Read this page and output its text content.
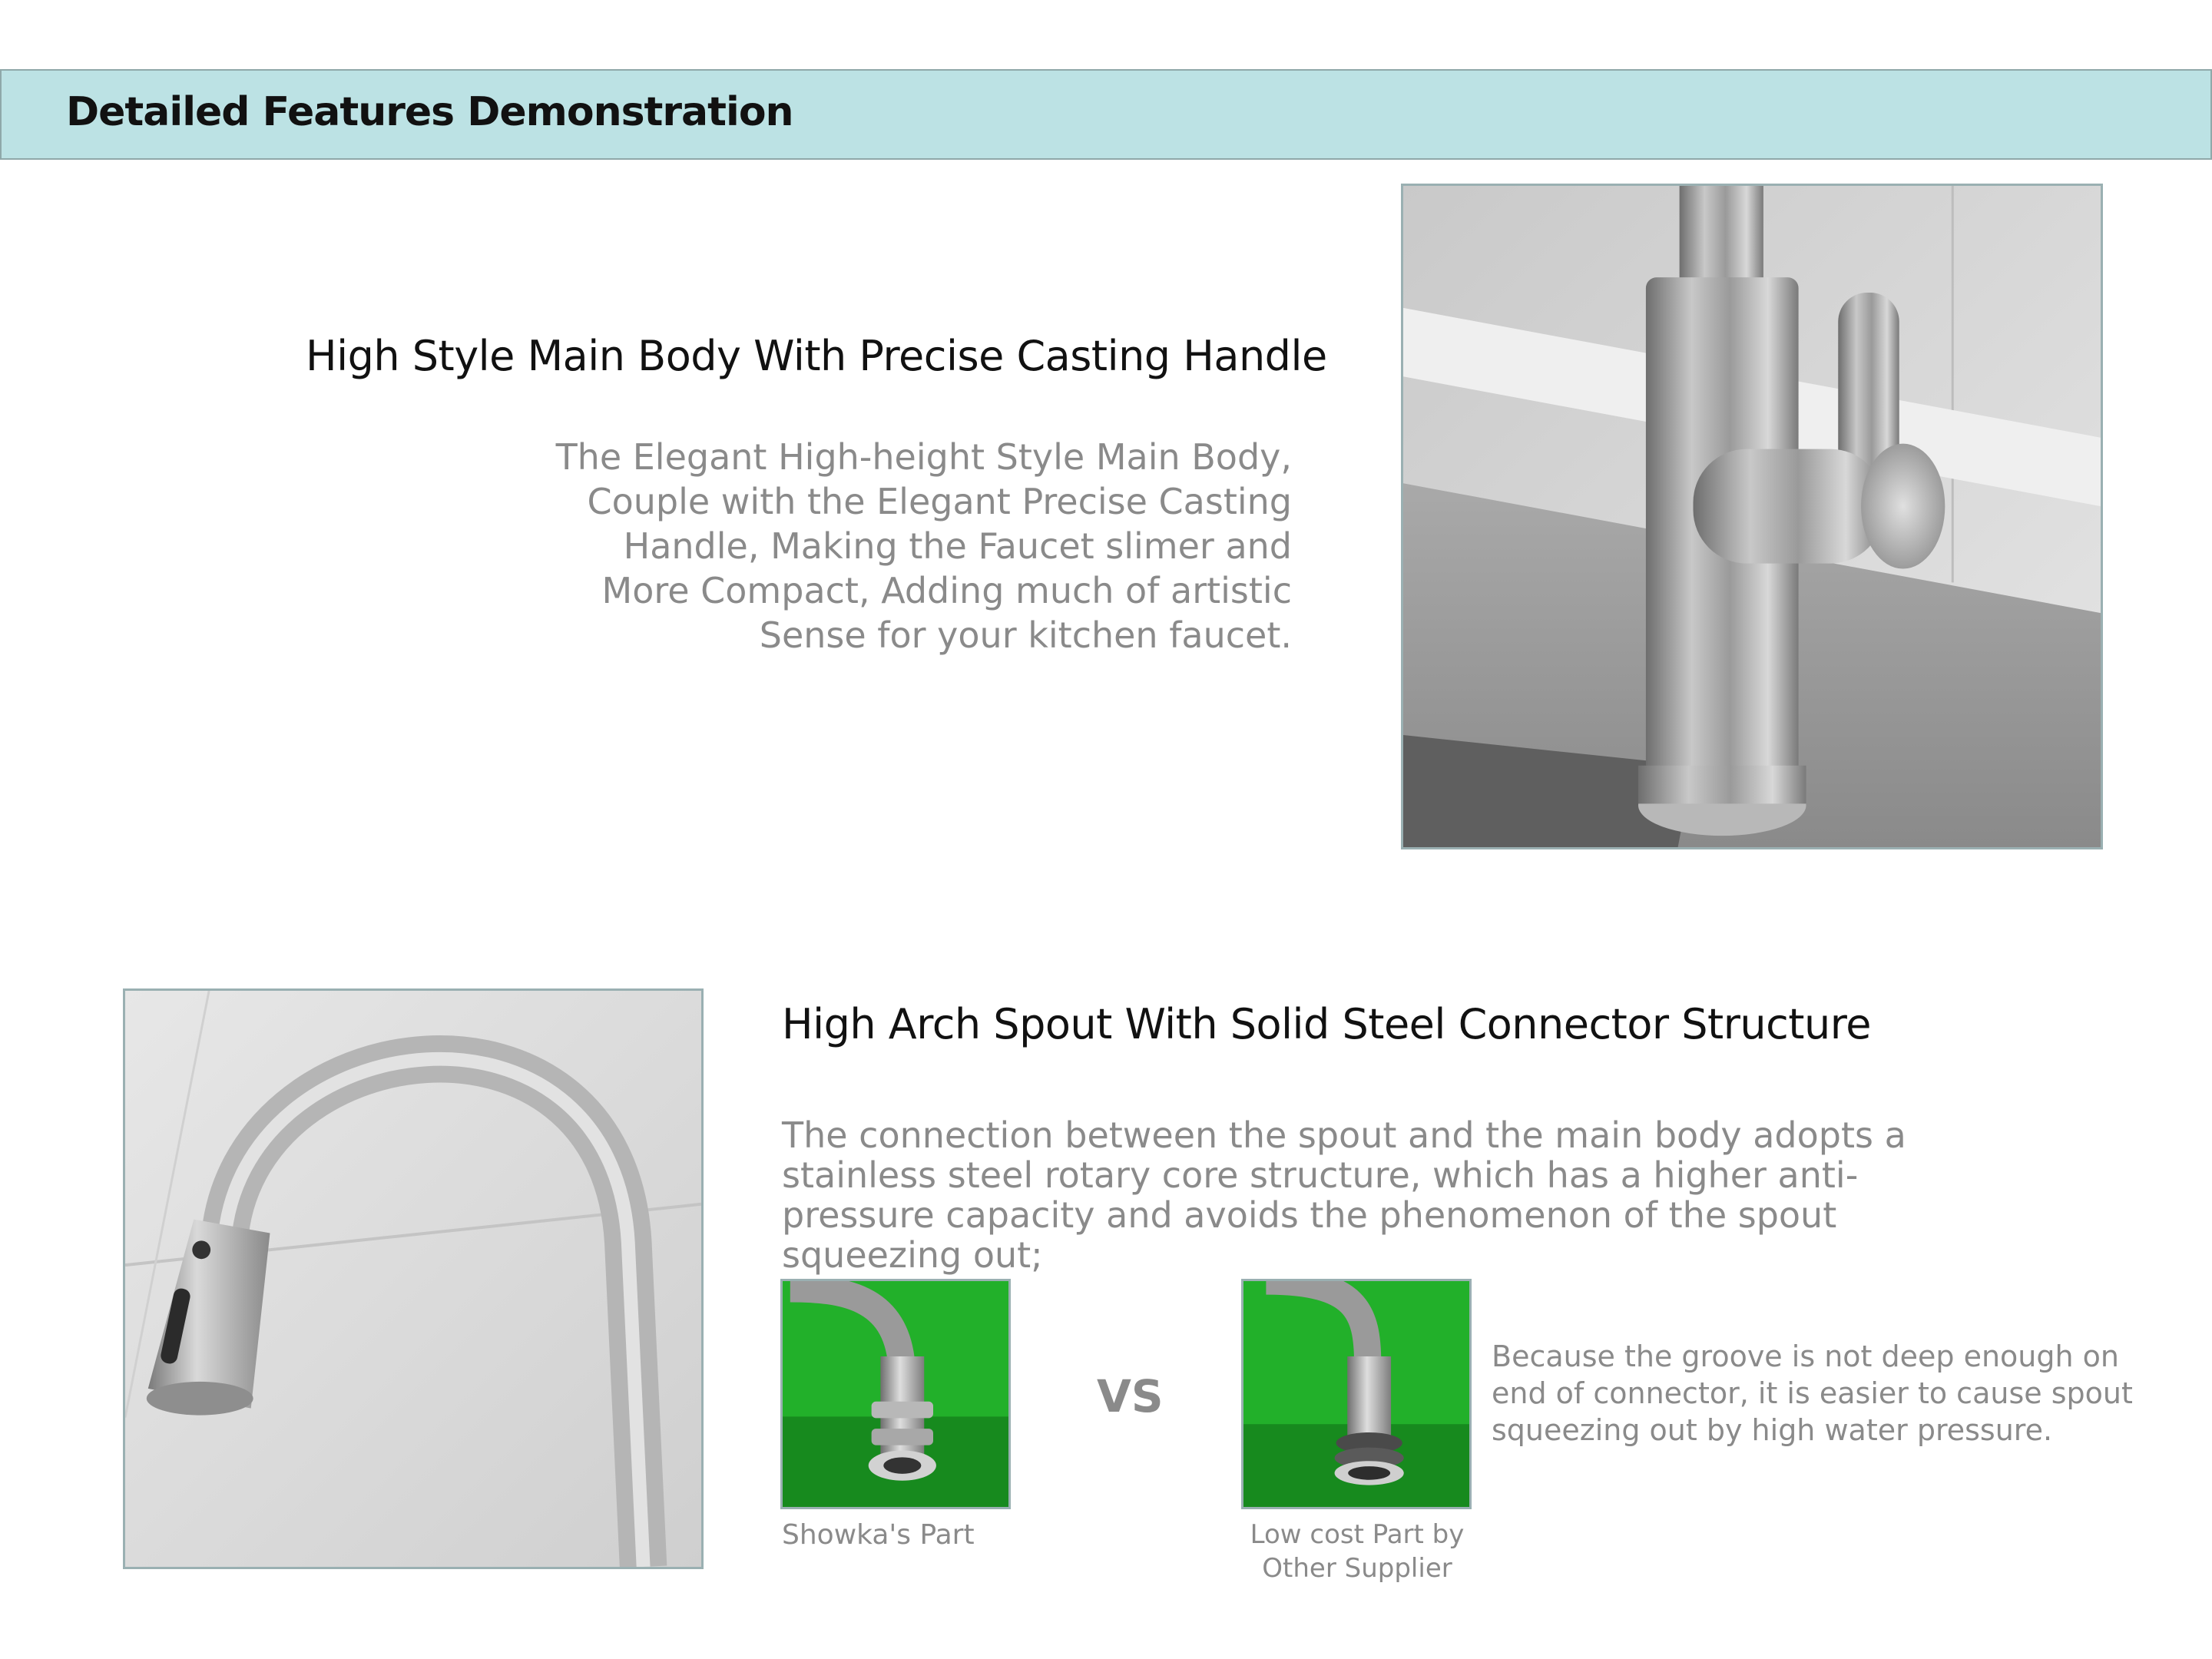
Detailed Features Demonstration
High Style Main Body With Precise Casting Handle
The Elegant High-height Style Main Body, Couple with the Elegant Precise Casting Handle, Making the Faucet slimer and More Compact, Adding much of artistic Sense for your kitchen faucet.
High Arch Spout With Solid Steel Connector Structure
The connection between the spout and the main body adopts a stainless steel rotary core structure, which has a higher anti-pressure capacity and avoids the phenomenon of the spout squeezing out;
Showka's Part
VS
Low cost Part by
Other Supplier
Because the groove is not deep enough on end of connector, it is easier to cause spout squeezing out by high water pressure.
